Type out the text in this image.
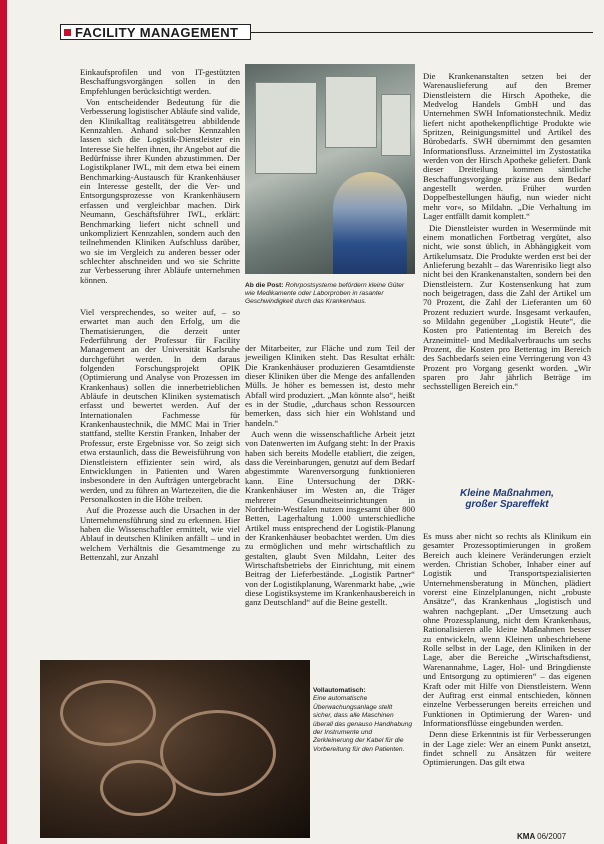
FACILITY MANAGEMENT

Einkaufsprofilen und von IT-gestützten Beschaffungsvorgängen sollen in den Empfehlungen berücksichtigt werden.

Von entscheidender Bedeutung für die Verbesserung logistischer Abläufe sind valide, den Klinikalltag realitätsgetreu abbildende Kennzahlen. Anhand solcher Kennzahlen lassen sich die Logistik-Dienstleister ein Interesse Sie helfen ihnen, ihr Angebot auf die Bedürfnisse ihrer Kunden abzustimmen. Der Logistikplaner IWL, mit dem etwa bei einem Benchmarking-Austausch für Krankenhäuser ein Interesse gestellt, der die Ver- und Entsorgungsprozesse von Krankenhäusern erfassen und vergleichbar machen. Dirk Neumann, Geschäftsführer IWL, erklärt: Benchmarking liefert nicht schnell und unkompliziert Kennzahlen, sondern auch den teilnehmenden Kliniken Aufschluss darüber, wo sie im Vergleich zu anderen besser oder schlechter abschneiden und wo sie Schritte zur Verbesserung ihrer Abläufe unternehmen können.

Viel versprechendes, so weiter auf, – so erwartet man auch den Erfolg, um die Thematisierungen, die derzeit unter Federführung der Professur für Facility Management an der Universität Karlsruhe durchgeführt werden. In dem daraus folgenden Forschungsprojekt OPIK (Optimierung und Analyse von Prozessen im Krankenhaus) sollen die innerbetrieblichen Abläufe in deutschen Kliniken systematisch erfasst und bewertet werden. Auf der Internationalen Fachmesse für Krankenhaustechnik, die MMC Mai in Trier stattfand, stellte Kerstin Franken, Inhaber der Professur, erste Ergebnisse vor. So zeigt sich etwa erstaunlich, dass die Beweisführung von Dienstleistern effizienter sein wird, als Entwicklungen in Patienten und Waren insbesondere in den Aufträgen untergebracht werden, und zu führen an Wartezeiten, die die Personalkosten in die Höhe treiben.

Auf die Prozesse auch die Ursachen in der Unternehmensführung sind zu erkennen. Hier haben die Wissenschaftler ermittelt, wie viel Ablauf in deutschen Kliniken anfällt – und in welchem Verhältnis die Gesamtmenge zu Bettenzahl, zur Anzahl

Ab die Post: Rohrpostsysteme befördern kleine Güter wie Medikamente oder Laborproben in rasanter Geschwindigkeit durch das Krankenhaus.

der Mitarbeiter, zur Fläche und zum Teil der jeweiligen Kliniken steht. Das Resultat erhält: Die Krankenhäuser produzieren Gesamtdienste dieser Kliniken über die Menge des anfallenden Mülls. Je höher es bemessen ist, desto mehr Abfall wird produziert. „Man könnte also“, heißt es in der Studie, „durchaus schon Ressourcen bemerken, dass sich hier ein Wohlstand und handeln.“

Auch wenn die wissenschaftliche Arbeit jetzt von Datenwerten im Aufgang steht: In der Praxis haben sich bereits Modelle etabliert, die zeigen, dass die Vereinbarungen, genutzt auf dem Bedarf abgestimmte Warenversorgung funktionieren kann. Eine Untersuchung der DRK-Krankenhäuser im Westen an, die Träger mehrerer Gesundheitseinrichtungen in Nordrhein-Westfalen nutzen insgesamt über 800 Betten, Lagerhaltung 1.000 unterschiedliche Artikel muss entsprechend der Logistik-Planung der Krankenhäuser beobachtet werden. Um dies zu ermöglichen und mehr wirtschaftlich zu gestalten, glaubt Sven Mildahn, Leiter des Wirtschaftsbetriebs der Einrichtung, mit einem Beitrag der Lieferbestände. „Logistik Partner“ von der Logistikplanung, Warenmarkt habe, „wie diese Logistiksysteme im Krankenhausbereich in ganz Deutschland“ auf die Beine gestellt.

Die Krankenanstalten setzen bei der Warenauslieferung auf den Bremer Dienstleistern die Hirsch Apotheke, die Medvelog Handels GmbH und das Unternehmen SWH Infomationstechnik. Mediz liefert nicht apothekenpflichtige Produkte wie Spritzen, Reinigungsmittel und Artikel des Bürobedarfs. SWH übernimmt den gesamten Informationsfluss. Arzneimittel im Zystostatika werden von der Hirsch Apotheke geliefert. Dank dieser Dreiteilung kommen sämtliche Beschaffungsvorgänge präzise aus dem Bedarf angestellt werden. Früher wurden Doppelbestellungen häufig, nun wieder nicht mehr vor«, so Mildahn. „Die Verhaltung im Lager entfällt damit komplett.“

Die Dienstleister wurden in Wesermünde mit einem monatlichen Fortbetrag vergütet, also nicht, wie sonst üblich, in Abhängigkeit vom Artikelumsatz. Die Produkte werden erst bei der Anlieferung bezahlt – das Warenrisiko liegt also nicht bei den Krankenanstalten, sondern bei den Dienstleistern. Zur Kostensenkung hat zum noch beigetragen, dass die Zahl der Artikel um 70 Prozent, die Zahl der Lieferanten um 60 Prozent reduziert wurde. Insgesamt verkaufen, so Mildahn gegenüber „Logistik Heute“, die Kosten pro Patiententag im Bereich des Arzneimittel- und Medikalverbrauchs um sechs Prozent, die Kosten pro Bettentag im Bereich des Sachbedarfs seien eine Verringerung von 43 Prozent pro Vorgang gesenkt worden. „Wir sparen pro Jahr jährlich Beträge im sechsstelligen Bereich ein.“

Kleine Maßnahmen,
großer Spareffekt

Es muss aber nicht so rechts als Klinikum ein gesamter Prozessoptimierungen in großem Bereich auch kleinere Veränderungen erzielt werden. Christian Schober, Inhaber einer auf Logistik und Transportspezialisierten Unternehmensberatung in München, plädiert vorerst eine Einzelplanungen, nicht „robuste Ansätze“, das Krankenhaus „logistisch und wahren nachgeplant. „Der Umsetzung auch ohne Prozessplanung, nicht dem Krankenhaus, Rationalisieren alle kleine Maßnahmen besser zu entwickeln, wenn Kleinen unbeschriebene Rolle selbst in der Lage, den Kliniken in der Lage, aber die Bereiche „Wirtschaftsdienst, Warenannahme, Lager, Hol- und Bringdienste und Entsorgung zu optimieren“ – das eigenen Kraft oder mit Hilfe von Dienstleistern. Wenn der Auftrag erst einmal entschieden, können einzelne Verbesserungen bereits erreichen und Funktionen in Optimierung der Waren- und Informationsflüsse eingebunden werden.

Denn diese Erkenntnis ist für Verbesserungen in der Lage ziele: Wer an einem Punkt ansetzt, findet schnell zu Ansätzen für weitere Optimierungen. Das gilt etwa

Vollautomatisch:
Eine automatische Überwachungsanlage stellt sicher, dass alle Maschinen überall das genauso Handhabung der Instrumente und Zerkleinerung der Kabel für die Vorbereitung für den Patienten.
KMA 06/2007
